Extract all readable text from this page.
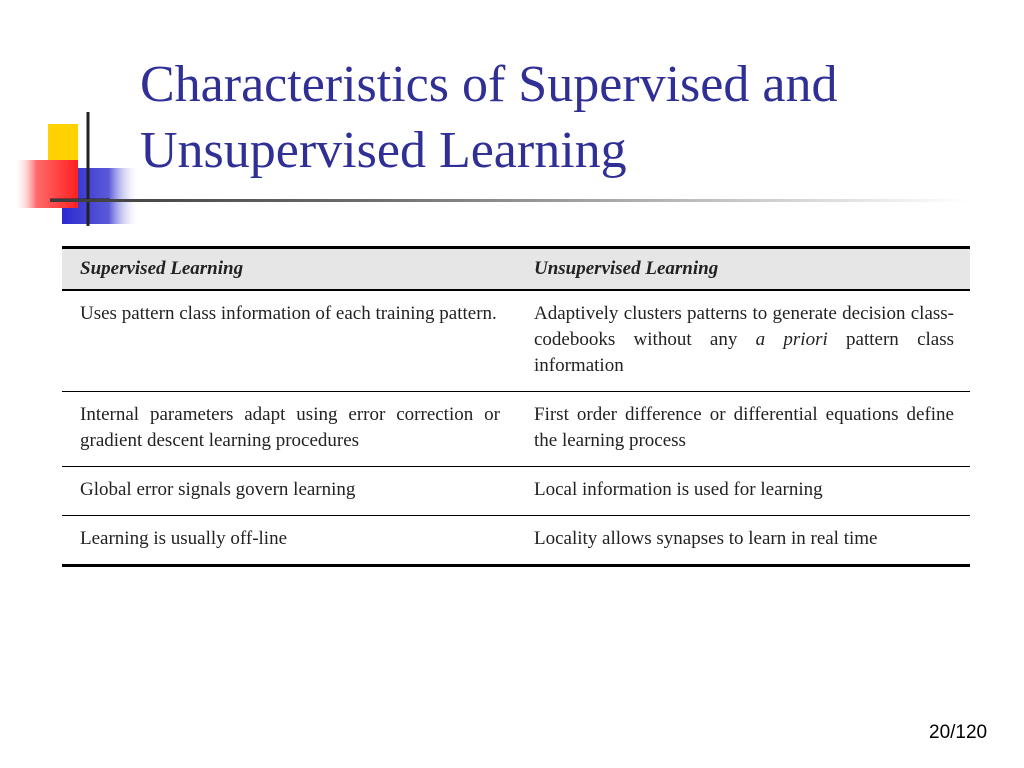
Characteristics of Supervised and
Unsupervised Learning
Supervised Learning	Unsupervised Learning
Uses pattern class information of each training pattern.	Adaptively clusters patterns to generate decision class-codebooks without any a priori pattern class information
Internal parameters adapt using error correction or gradient descent learning procedures	First order difference or differential equations define the learning process
Global error signals govern learning	Local information is used for learning
Learning is usually off-line	Locality allows synapses to learn in real time
20/120
